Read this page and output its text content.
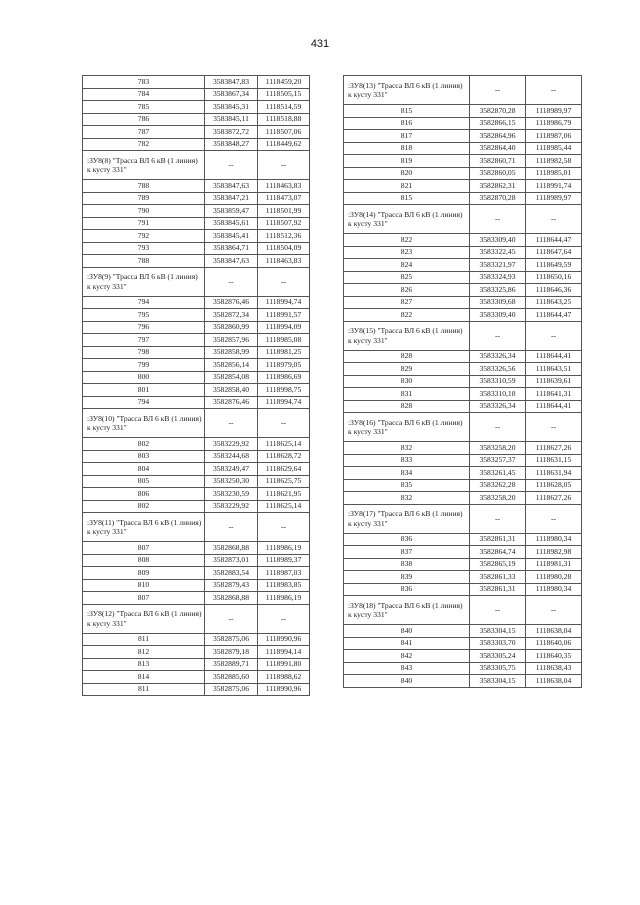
431
783	3583847,83	1118459,20
784	3583867,34	1118505,15
785	3583845,31	1118514,59
786	3583845,11	1118518,88
787	3583872,72	1118507,06
782	3583848,27	1118449,62
:ЗУ8(8) "Трасса ВЛ 6 кВ (1 линия) к кусту 331"	--	--
788	3583847,63	1118463,83
789	3583847,21	1118473,07
790	3583859,47	1118501,99
791	3583845,61	1118507,92
792	3583845,41	1118512,36
793	3583864,71	1118504,09
788	3583847,63	1118463,83
:ЗУ8(9) "Трасса ВЛ 6 кВ (1 линия) к кусту 331"	--	--
794	3582876,46	1118994,74
795	3582872,34	1118991,57
796	3582860,99	1118994,09
797	3582857,96	1118985,08
798	3582858,99	1118981,25
799	3582856,14	1118979,05
800	3582854,08	1118986,69
801	3582858,40	1118998,75
794	3582876,46	1118994,74
:ЗУ8(10) "Трасса ВЛ 6 кВ (1 линия) к кусту 331"	--	--
802	3583229,92	1118625,14
803	3583244,68	1118628,72
804	3583249,47	1118629,64
805	3583250,30	1118625,75
806	3583230,59	1118621,95
802	3583229,92	1118625,14
:ЗУ8(11) "Трасса ВЛ 6 кВ (1 линия) к кусту 331"	--	--
807	3582868,88	1118986,19
808	3582873,01	1118989,37
809	3582883,54	1118987,03
810	3582879,43	1118983,85
807	3582868,88	1118986,19
:ЗУ8(12) "Трасса ВЛ 6 кВ (1 линия) к кусту 331"	--	--
811	3582875,06	1118990,96
812	3582879,18	1118994,14
813	3582889,71	1118991,80
814	3582885,60	1118988,62
811	3582875,06	1118990,96
:ЗУ8(13) "Трасса ВЛ 6 кВ (1 линия) к кусту 331"	--	--
815	3582870,28	1118989,97
816	3582866,15	1118986,79
817	3582864,96	1118987,06
818	3582864,40	1118985,44
819	3582860,71	1118982,58
820	3582860,05	1118985,01
821	3582862,31	1118991,74
815	3582870,28	1118989,97
:ЗУ8(14) "Трасса ВЛ 6 кВ (1 линия) к кусту 331"	--	--
822	3583309,40	1118644,47
823	3583322,45	1118647,64
824	3583321,97	1118649,59
825	3583324,93	1118650,16
826	3583325,86	1118646,36
827	3583309,68	1118643,25
822	3583309,40	1118644,47
:ЗУ8(15) "Трасса ВЛ 6 кВ (1 линия) к кусту 331"	--	--
828	3583326,34	1118644,41
829	3583326,56	1118643,51
830	3583310,59	1118639,61
831	3583310,18	1118641,31
828	3583326,34	1118644,41
:ЗУ8(16) "Трасса ВЛ 6 кВ (1 линия) к кусту 331"	--	--
832	3583258,20	1118627,26
833	3583257,37	1118631,15
834	3583261,45	1118631,94
835	3583262,28	1118628,05
832	3583258,20	1118627,26
:ЗУ8(17) "Трасса ВЛ 6 кВ (1 линия) к кусту 331"	--	--
836	3582861,31	1118980,34
837	3582864,74	1118982,98
838	3582865,19	1118981,31
839	3582861,33	1118980,28
836	3582861,31	1118980,34
:ЗУ8(18) "Трасса ВЛ 6 кВ (1 линия) к кусту 331"	--	--
840	3583304,15	1118638,04
841	3583303,70	1118640,06
842	3583305,24	1118640,35
843	3583305,75	1118638,43
840	3583304,15	1118638,04
